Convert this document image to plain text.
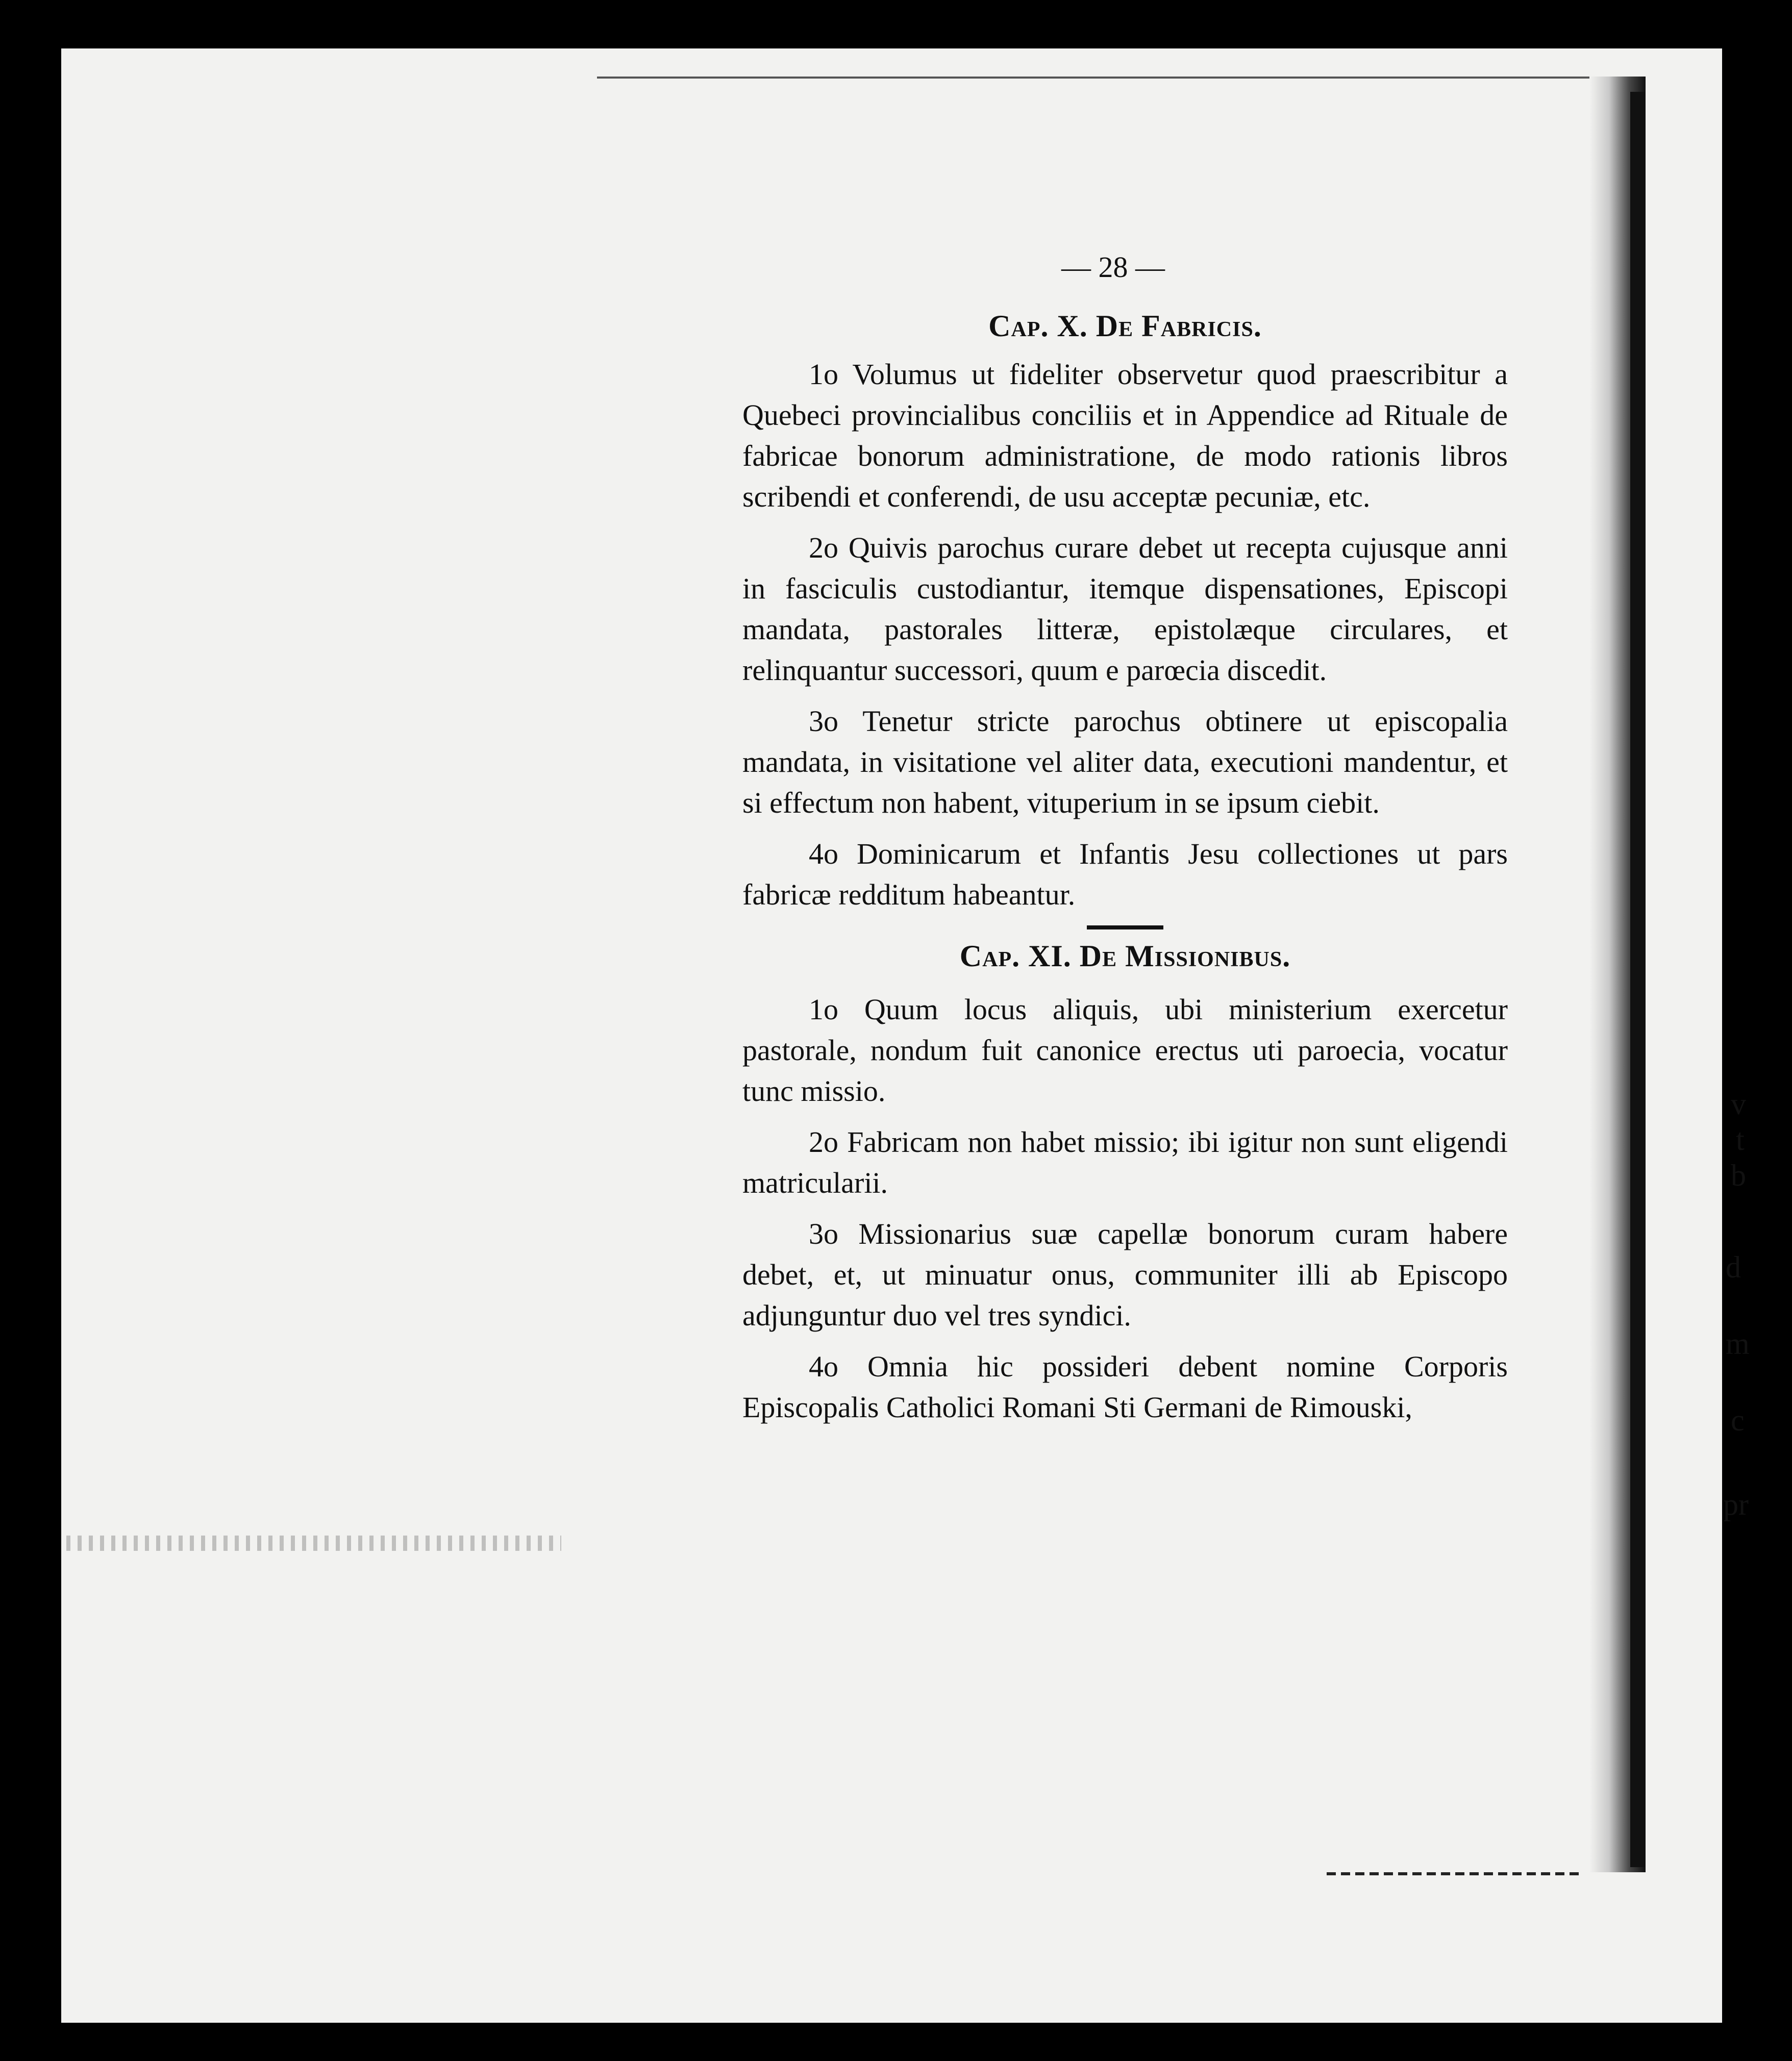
— 28 —
Cap. X. De Fabricis.

1o Volumus ut fideliter observetur quod praescribitur a Quebeci provincialibus conciliis et in Appendice ad Rituale de fabricae bonorum administratione, de modo rationis libros scribendi et conferendi, de usu acceptæ pecuniæ, etc.

2o Quivis parochus curare debet ut recepta cujusque anni in fasciculis custodiantur, itemque dispensationes, Episcopi mandata, pastorales litteræ, epistolæque circulares, et relinquantur successori, quum e parœcia discedit.

3o Tenetur stricte parochus obtinere ut episcopalia mandata, in visitatione vel aliter data, executioni mandentur, et si effectum non habent, vituperium in se ipsum ciebit.

4o Dominicarum et Infantis Jesu collectiones ut pars fabricæ redditum habeantur.

Cap. XI. De Missionibus.

1o Quum locus aliquis, ubi ministerium exercetur pastorale, nondum fuit canonice erectus uti paroecia, vocatur tunc missio.

2o Fabricam non habet missio; ibi igitur non sunt eligendi matricularii.

3o Missionarius suæ capellæ bonorum curam habere debet, et, ut minuatur onus, communiter illi ab Episcopo adjunguntur duo vel tres syndici.

4o Omnia hic possideri debent nomine Corporis Episcopalis Catholici Romani Sti Germani de Rimouski,

v
t
b
d
m
c
pr
